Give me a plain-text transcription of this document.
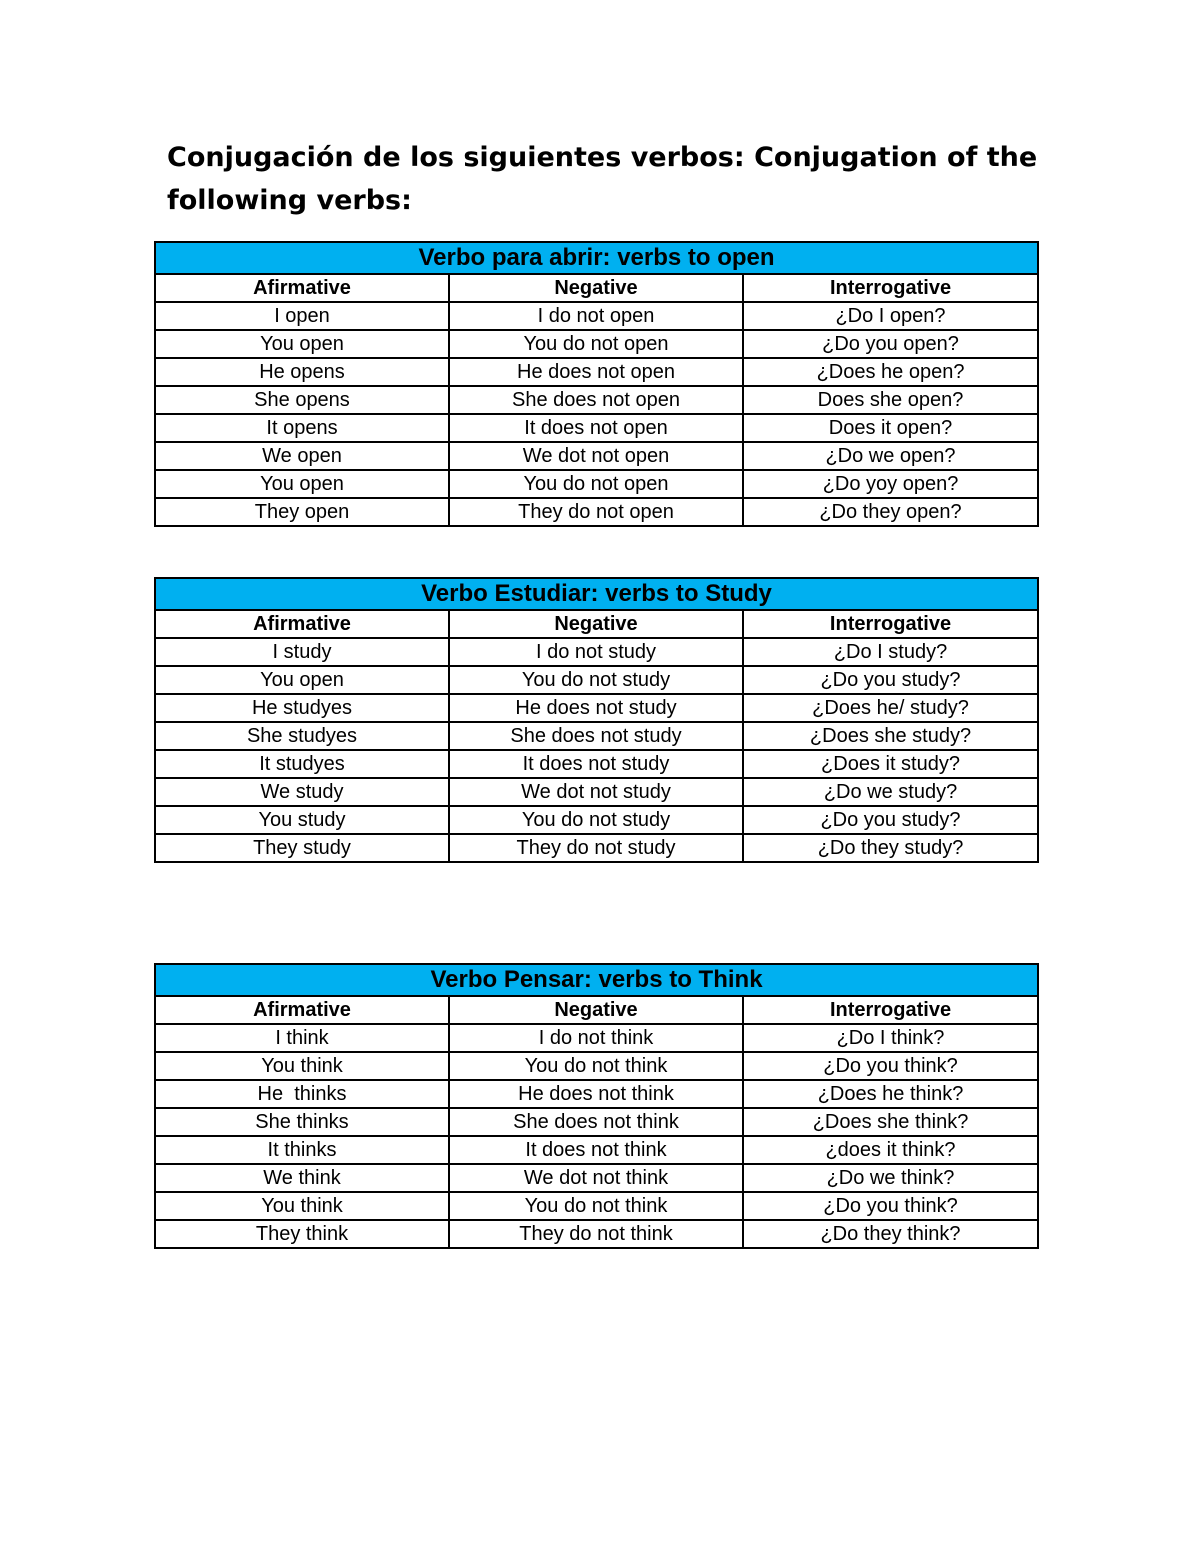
Conjugación de los siguientes verbos: Conjugation of the following verbs:
Verbo para abrir: verbs to open		
Afirmative	Negative	Interrogative
I open	I do not open	¿Do I open?
You open	You do not open	¿Do you open?
He opens	He does not open	¿Does he open?
She opens	She does not open	Does she open?
It opens	It does not open	Does it open?
We open	We dot not open	¿Do we open?
You open	You do not open	¿Do yoy open?
They open	They do not open	¿Do they open?
Verbo Estudiar: verbs to Study		
Afirmative	Negative	Interrogative
I study	I do not study	¿Do I study?
You open	You do not study	¿Do you study?
He studyes	He does not study	¿Does he/ study?
She studyes	She does not study	¿Does she study?
It studyes	It does not study	¿Does it study?
We study	We dot not study	¿Do we study?
You study	You do not study	¿Do you study?
They study	They do not study	¿Do they study?
Verbo Pensar: verbs to Think		
Afirmative	Negative	Interrogative
I think	I do not think	¿Do I think?
You think	You do not think	¿Do you think?
He  thinks	He does not think	¿Does he think?
She thinks	She does not think	¿Does she think?
It thinks	It does not think	¿does it think?
We think	We dot not think	¿Do we think?
You think	You do not think	¿Do you think?
They think	They do not think	¿Do they think?
